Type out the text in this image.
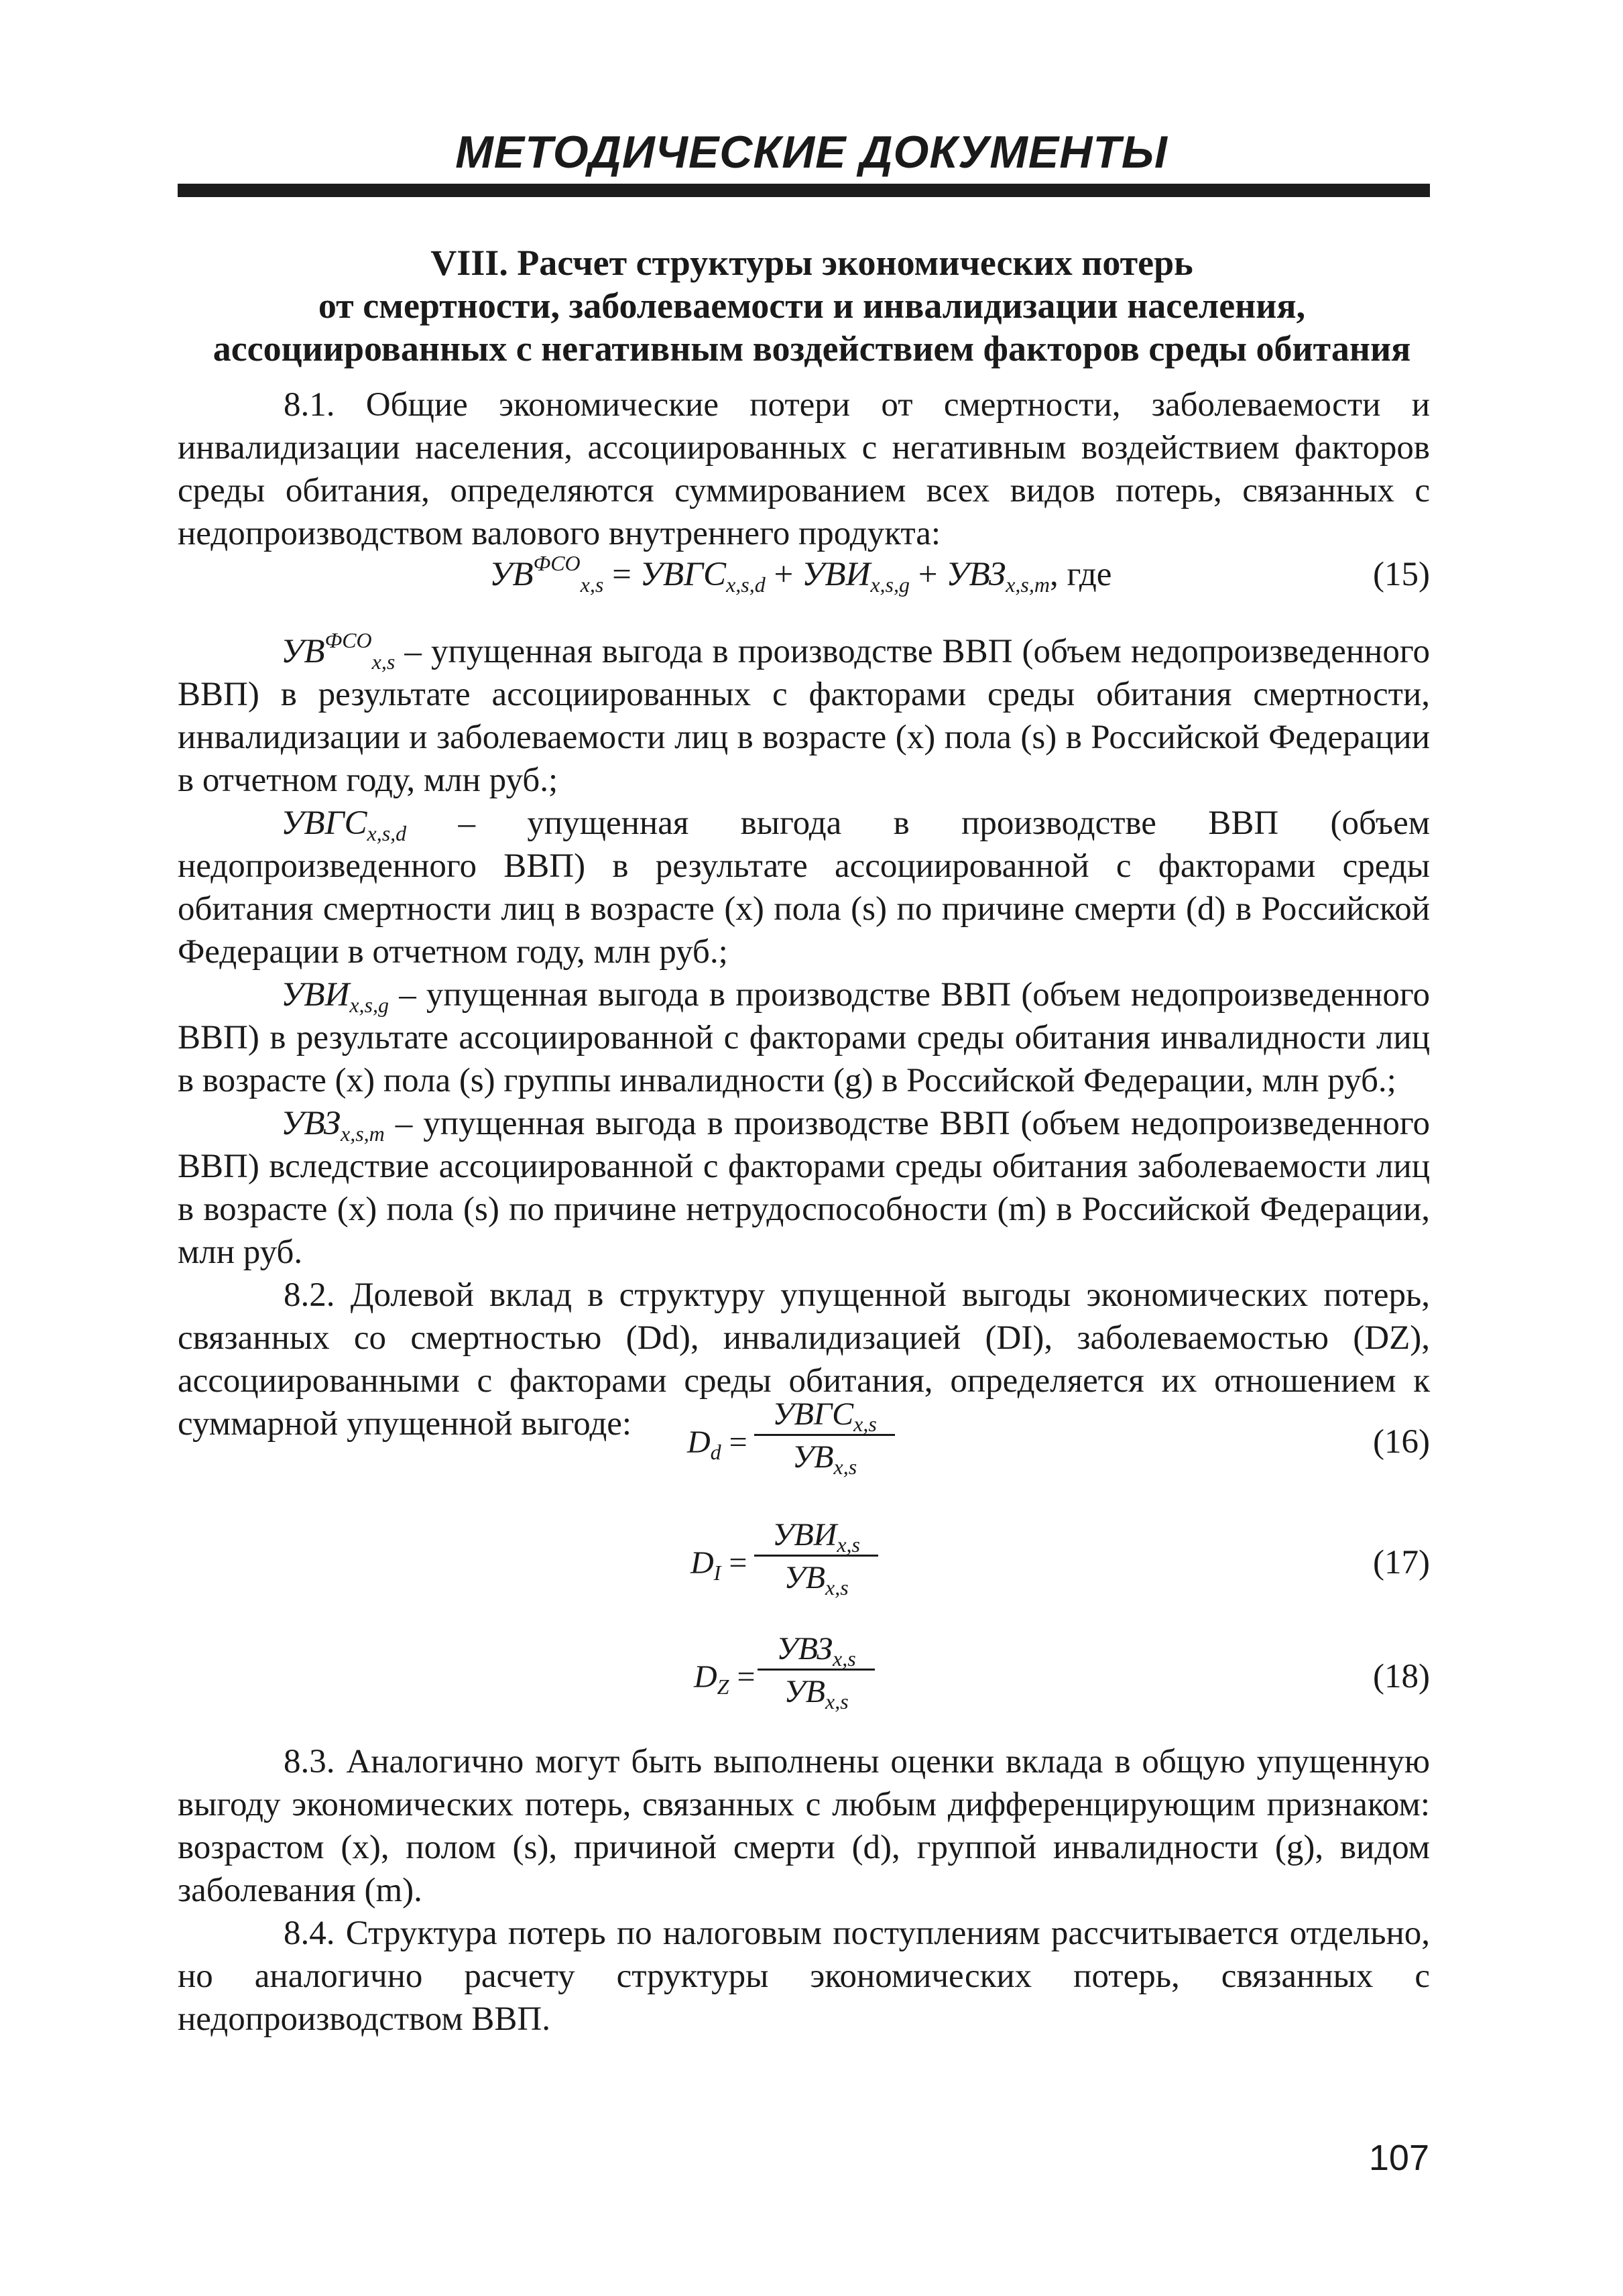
МЕТОДИЧЕСКИЕ ДОКУМЕНТЫ
VIII. Расчет структуры экономических потерь
от смертности, заболеваемости и инвалидизации населения,
ассоциированных с негативным воздействием факторов среды обитания

8.1. Общие экономические потери от смертности, заболеваемости и инвалидизации населения, ассоциированных с негативным воздействием факторов среды обитания, определяются суммированием всех видов потерь, связанных с недопроизводством валового внутреннего продукта:

$УВ^{ФСО}_{x,s}$ = $УВГС_{x,s,d} + УВИ_{x,s,g} + УВЗ_{x,s,m}$, где	(15)

$УВ^{ФСО}_{x,s}$ – упущенная выгода в производстве ВВП (объем недопроизведенного ВВП) в результате ассоциированных с факторами среды обитания смертности, инвалидизации и заболеваемости лиц в возрасте (x) пола (s) в Российской Федерации в отчетном году, млн руб.;

$УВГС_{x,s,d}$ – упущенная выгода в производстве ВВП (объем недопроизведенного ВВП) в результате ассоциированной с факторами среды обитания смертности лиц в возрасте (x) пола (s) по причине смерти (d) в Российской Федерации в отчетном году, млн руб.;

$УВИ_{x,s,g}$ – упущенная выгода в производстве ВВП (объем недопроизведенного ВВП) в результате ассоциированной с факторами среды обитания инвалидности лиц в возрасте (x) пола (s) группы инвалидности (g) в Российской Федерации, млн руб.;

$УВЗ_{x,s,m}$ – упущенная выгода в производстве ВВП (объем недопроизведенного ВВП) вследствие ассоциированной с факторами среды обитания заболеваемости лиц в возрасте (x) пола (s) по причине нетрудоспособности (m) в Российской Федерации, млн руб.

8.2. Долевой вклад в структуру упущенной выгоды экономических потерь, связанных со смертностью (Dd), инвалидизацией (DI), заболеваемостью (DZ), ассоциированными с факторами среды обитания, определяется их отношением к суммарной упущенной выгоде:	$D_d$ =
$УВГС_{x,s}$
$УВ_{x,s}$
(16)
$D_I$ =
$УВИ_{x,s}$
$УВ_{x,s}$
(17)
$D_Z$ =
$УВЗ_{x,s}$
$УВ_{x,s}$
(18)

8.3. Аналогично могут быть выполнены оценки вклада в общую упущенную выгоду экономических потерь, связанных с любым дифференцирующим признаком: возрастом (x), полом (s), причиной смерти (d), группой инвалидности (g), видом заболевания (m).

8.4. Структура потерь по налоговым поступлениям рассчитывается отдельно, но аналогично расчету структуры экономических потерь, связанных с недопроизводством ВВП.

107
